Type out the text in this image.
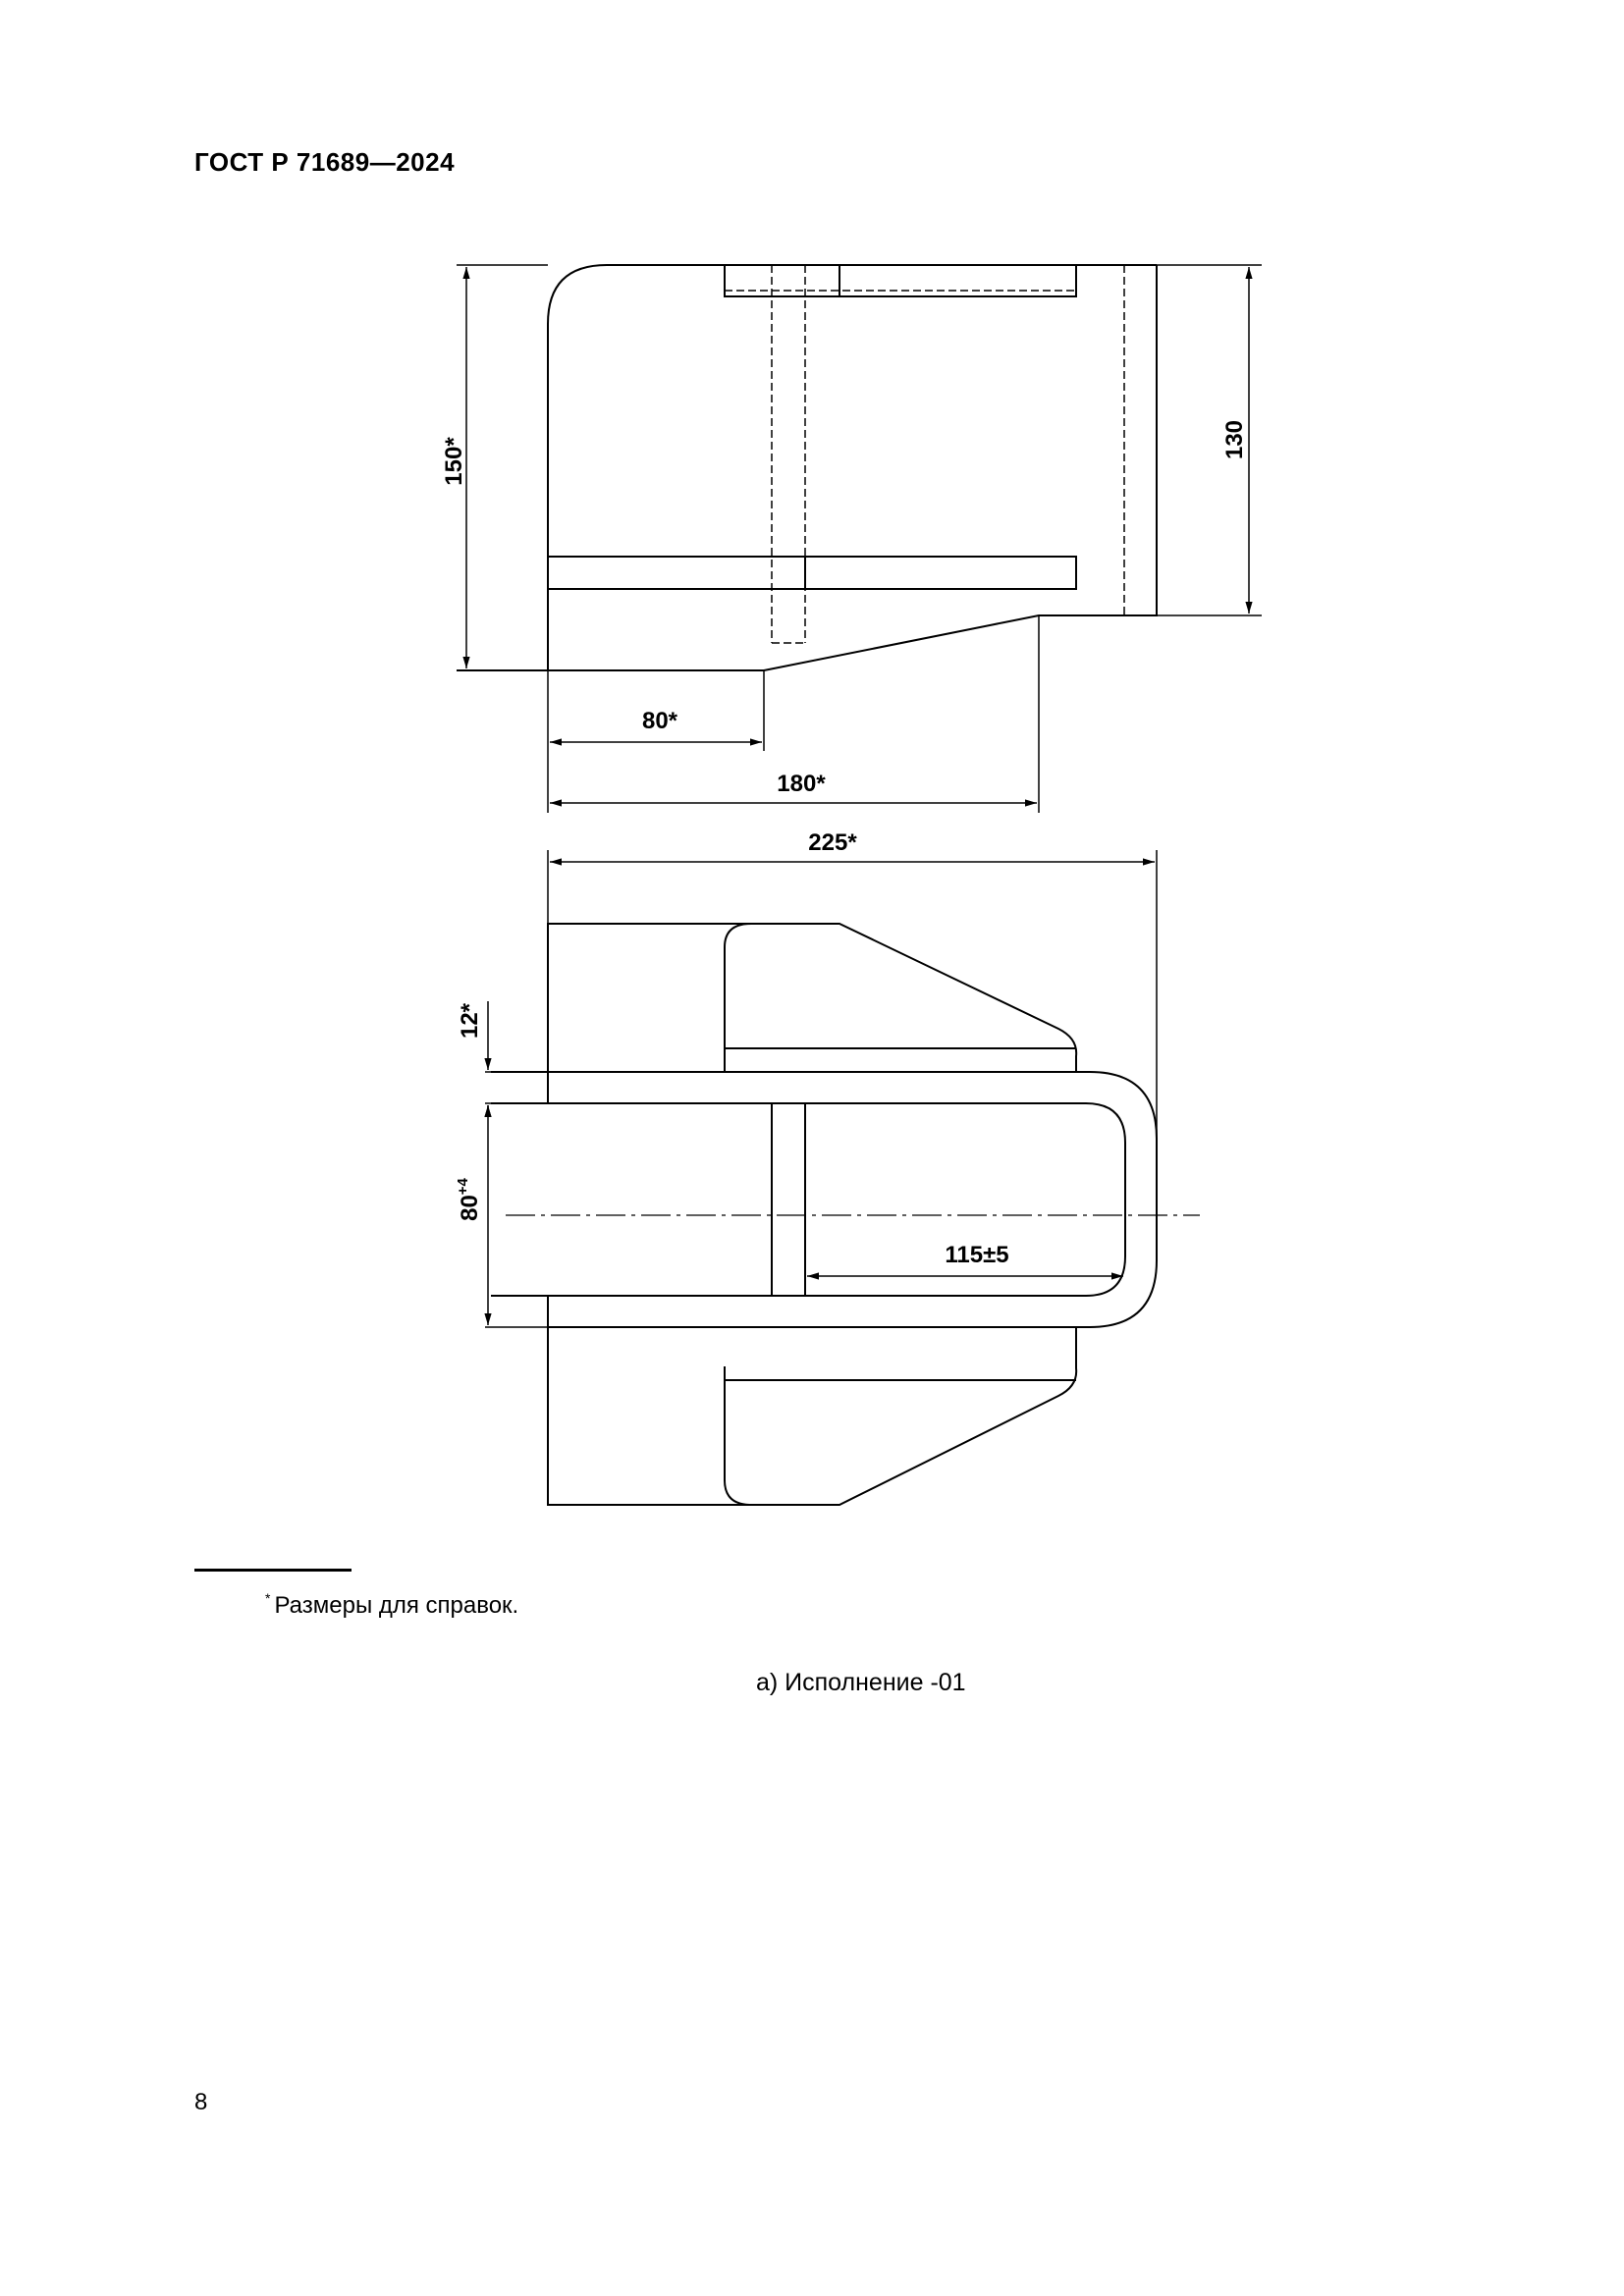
ГОСТ Р 71689—2024
150*	130
80*
180*
225*
12*
$80^{+4}$
115±5
* Размеры для справок.
а) Исполнение -01
8
